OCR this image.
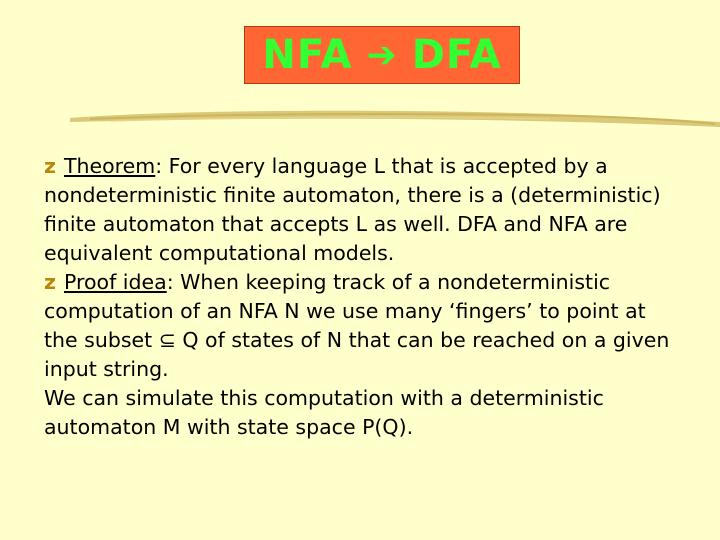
NFA ➔ DFA

z Theorem: For every language L that is accepted by a nondeterministic finite automaton, there is a (deterministic) finite automaton that accepts L as well. DFA and NFA are equivalent computational models.

z Proof idea: When keeping track of a nondeterministic computation of an NFA N we use many ‘fingers’ to point at the subset ⊆ Q of states of N that can be reached on a given input string.

We can simulate this computation with a deterministic automaton M with state space P(Q).
